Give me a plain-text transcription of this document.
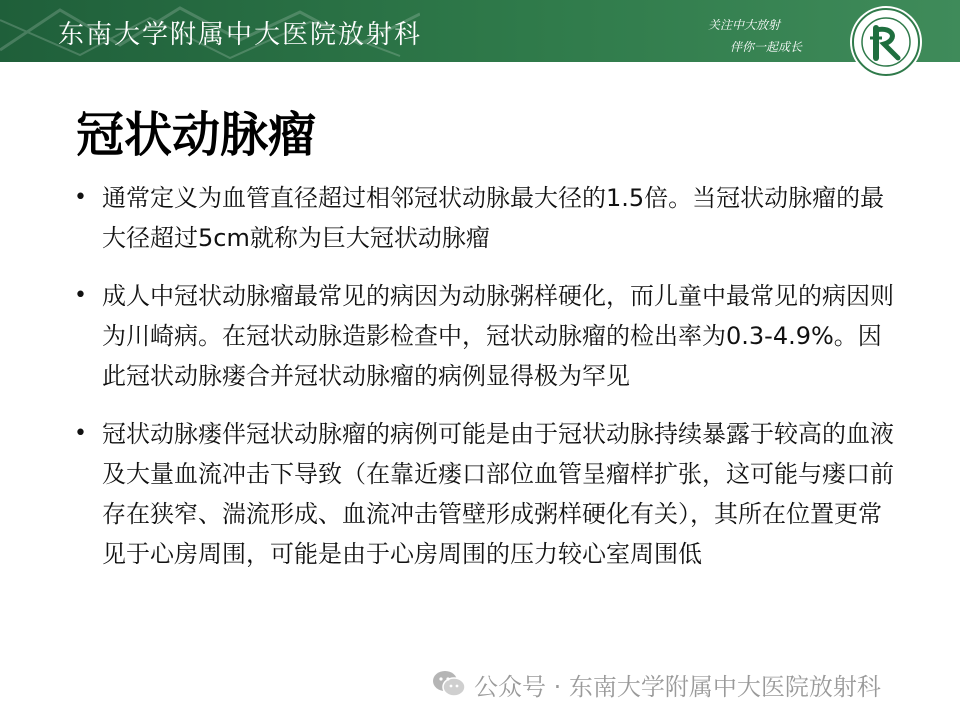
东南大学附属中大医院放射科	关注中大放射
伴你一起成长
冠状动脉瘤
• 通常定义为血管直径超过相邻冠状动脉最大径的1.5倍。当冠状动脉瘤的最大径超过5cm就称为巨大冠状动脉瘤
• 成人中冠状动脉瘤最常见的病因为动脉粥样硬化，而儿童中最常见的病因则为川崎病。在冠状动脉造影检查中，冠状动脉瘤的检出率为0.3-4.9%。因此冠状动脉瘘合并冠状动脉瘤的病例显得极为罕见
• 冠状动脉瘘伴冠状动脉瘤的病例可能是由于冠状动脉持续暴露于较高的血液及大量血流冲击下导致（在靠近瘘口部位血管呈瘤样扩张，这可能与瘘口前存在狭窄、湍流形成、血流冲击管壁形成粥样硬化有关），其所在位置更常见于心房周围，可能是由于心房周围的压力较心室周围低
公众号 · 东南大学附属中大医院放射科
